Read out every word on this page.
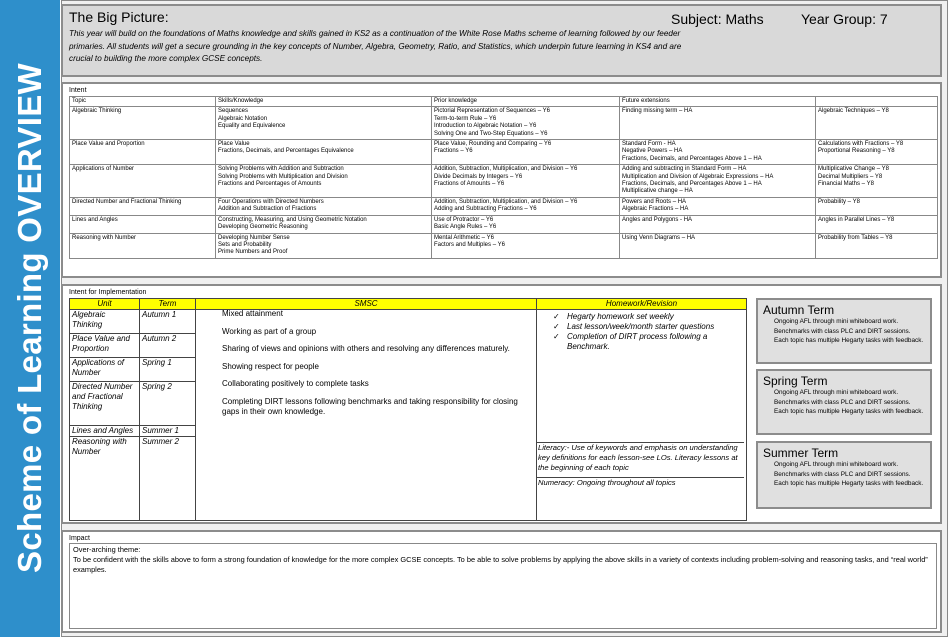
Scheme of Learning OVERVIEW
The Big Picture:	Subject: Maths	Year Group: 7
This year will build on the foundations of Maths knowledge and skills gained in KS2 as a continuation of the White Rose Maths scheme of learning followed by our feeder primaries. All students will get a secure grounding in the key concepts of Number, Algebra, Geometry, Ratio, and Statistics, which underpin future learning in KS4 and are crucial to building the more complex GCSE concepts.
Intent
Topic	Skills/Knowledge	Prior knowledge	Future extensions	
Algebraic Thinking	Sequences
Algebraic Notation
Equality and Equivalence	Pictorial Representation of Sequences – Y6
Term-to-term Rule – Y6
Introduction to Algebraic Notation – Y6
Solving One and Two-Step Equations – Y6	Finding missing term – HA	Algebraic Techniques – Y8

Place Value and Proportion	Place Value
Fractions, Decimals, and Percentages Equivalence	Place Value, Rounding and Comparing – Y6
Fractions – Y6	Standard Form - HA
Negative Powers – HA
Fractions, Decimals, and Percentages Above 1 – HA	Calculations with Fractions – Y8
Proportional Reasoning – Y8

Applications of Number	Solving Problems with Addition and Subtraction
Solving Problems with Multiplication and Division
Fractions and Percentages of Amounts	Addition, Subtraction, Multiplication, and Division – Y6
Divide Decimals by Integers – Y6
Fractions of Amounts – Y6	Adding and subtracting in Standard Form – HA
Multiplication and Division of Algebraic Expressions – HA
Fractions, Decimals, and Percentages Above 1 – HA
Multiplicative change – HA	Multiplicative Change – Y8
Decimal Multipliers – Y8
Financial Maths – Y8

Directed Number and Fractional Thinking	Four Operations with Directed Numbers
Addition and Subtraction of Fractions	Addition, Subtraction, Multiplication, and Division – Y6
Adding and Subtracting Fractions – Y6	Powers and Roots – HA
Algebraic Fractions – HA	Probability – Y8

Lines and Angles	Constructing, Measuring, and Using Geometric Notation
Developing Geometric Reasoning	Use of Protractor – Y6
Basic Angle Rules – Y6	Angles and Polygons - HA	Angles in Parallel Lines – Y8

Reasoning with Number	Developing Number Sense
Sets and Probability
Prime Numbers and Proof	Mental Arithmetic – Y6
Factors and Multiples – Y6	Using Venn Diagrams – HA	Probability from Tables – Y8
Intent for Implementation
Unit	Term	SMSC	Homework/Revision
Algebraic Thinking	Autumn 1		
Place Value and Proportion	Autumn 2		
Applications of Number	Spring 1		
Directed Number and Fractional Thinking	Spring 2		
Lines and Angles	Summer 1		
Reasoning with Number	Summer 2		
Mixed attainment
Working as part of a group
Sharing of views and opinions with others and resolving any differences maturely.
Showing respect for people
Collaborating positively to complete tasks
Completing DIRT lessons following benchmarks and taking responsibility for closing gaps in their own knowledge.
✓ Hegarty homework set weekly
✓ Last lesson/week/month starter questions
✓ Completion of DIRT process following a Benchmark.
Literacy:- Use of keywords and emphasis on understanding key definitions for each lesson-see LOs. Literacy lessons at the beginning of each topic
Numeracy: Ongoing throughout all topics
Autumn Term
Ongoing AFL through mini whiteboard work. Benchmarks with class PLC and DIRT sessions. Each topic has multiple Hegarty tasks with feedback.
Spring Term
Ongoing AFL through mini whiteboard work. Benchmarks with class PLC and DIRT sessions. Each topic has multiple Hegarty tasks with feedback.
Summer Term
Ongoing AFL through mini whiteboard work. Benchmarks with class PLC and DIRT sessions. Each topic has multiple Hegarty tasks with feedback.
Impact
Over-arching theme:
To be confident with the skills above to form a strong foundation of knowledge for the more complex GCSE concepts. To be able to solve problems by applying the above skills in a variety of contexts including problem-solving and reasoning tasks, and “real world” examples.
